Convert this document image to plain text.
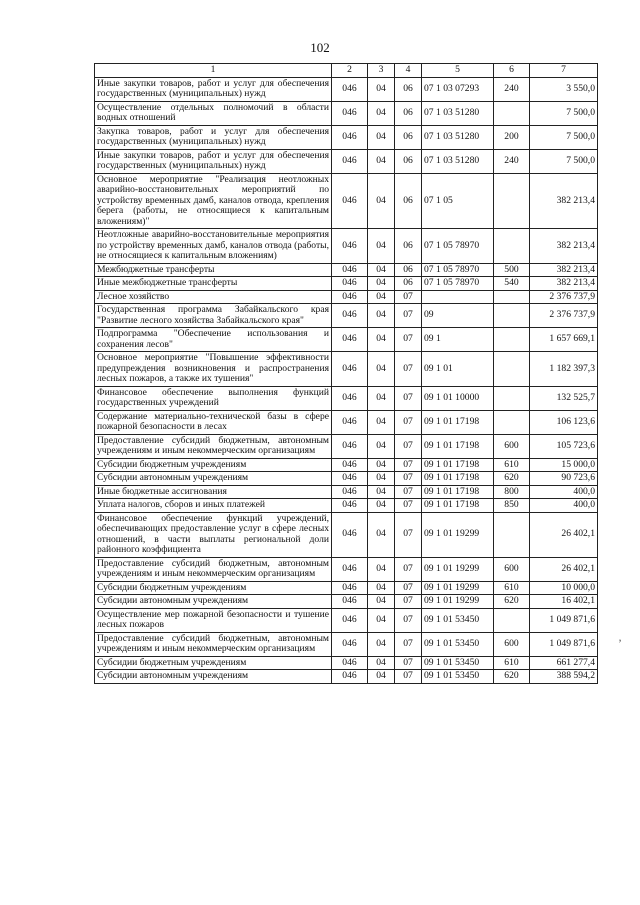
102
1	2	3	4	5	6	7
Иные закупки товаров, работ и услуг для обеспечения государственных (муниципальных) нужд	046	04	06	07 1 03 07293	240	3 550,0
Осуществление отдельных полномочий в области водных отношений	046	04	06	07 1 03 51280		7 500,0
Закупка товаров, работ и услуг для обеспечения государственных (муниципальных) нужд	046	04	06	07 1 03 51280	200	7 500,0
Иные закупки товаров, работ и услуг для обеспечения государственных (муниципальных) нужд	046	04	06	07 1 03 51280	240	7 500,0
Основное мероприятие "Реализация неотложных аварийно-восстановительных мероприятий по устройству временных дамб, каналов отвода, крепления берега (работы, не относящиеся к капитальным вложениям)"	046	04	06	07 1 05		382 213,4
Неотложные аварийно-восстановительные мероприятия по устройству временных дамб, каналов отвода (работы, не относящиеся к капитальным вложениям)	046	04	06	07 1 05 78970		382 213,4
Межбюджетные трансферты	046	04	06	07 1 05 78970	500	382 213,4
Иные межбюджетные трансферты	046	04	06	07 1 05 78970	540	382 213,4
Лесное хозяйство	046	04	07			2 376 737,9
Государственная программа Забайкальского края "Развитие лесного хозяйства Забайкальского края"	046	04	07	09		2 376 737,9
Подпрограмма "Обеспечение использования и сохранения лесов"	046	04	07	09 1		1 657 669,1
Основное мероприятие "Повышение эффективности предупреждения возникновения и распространения лесных пожаров, а также их тушения"	046	04	07	09 1 01		1 182 397,3
Финансовое обеспечение выполнения функций государственных учреждений	046	04	07	09 1 01 10000		132 525,7
Содержание материально-технической базы в сфере пожарной безопасности в лесах	046	04	07	09 1 01 17198		106 123,6
Предоставление субсидий бюджетным, автономным учреждениям и иным некоммерческим организациям	046	04	07	09 1 01 17198	600	105 723,6
Субсидии бюджетным учреждениям	046	04	07	09 1 01 17198	610	15 000,0
Субсидии автономным учреждениям	046	04	07	09 1 01 17198	620	90 723,6
Иные бюджетные ассигнования	046	04	07	09 1 01 17198	800	400,0
Уплата налогов, сборов и иных платежей	046	04	07	09 1 01 17198	850	400,0
Финансовое обеспечение функций учреждений, обеспечивающих предоставление услуг в сфере лесных отношений, в части выплаты региональной доли районного коэффициента	046	04	07	09 1 01 19299		26 402,1
Предоставление субсидий бюджетным, автономным учреждениям и иным некоммерческим организациям	046	04	07	09 1 01 19299	600	26 402,1
Субсидии бюджетным учреждениям	046	04	07	09 1 01 19299	610	10 000,0
Субсидии автономным учреждениям	046	04	07	09 1 01 19299	620	16 402,1
Осуществление мер пожарной безопасности и тушение лесных пожаров	046	04	07	09 1 01 53450		1 049 871,6
Предоставление субсидий бюджетным, автономным учреждениям и иным некоммерческим организациям	046	04	07	09 1 01 53450	600	1 049 871,6
Субсидии бюджетным учреждениям	046	04	07	09 1 01 53450	610	661 277,4
Субсидии автономным учреждениям	046	04	07	09 1 01 53450	620	388 594,2
’
